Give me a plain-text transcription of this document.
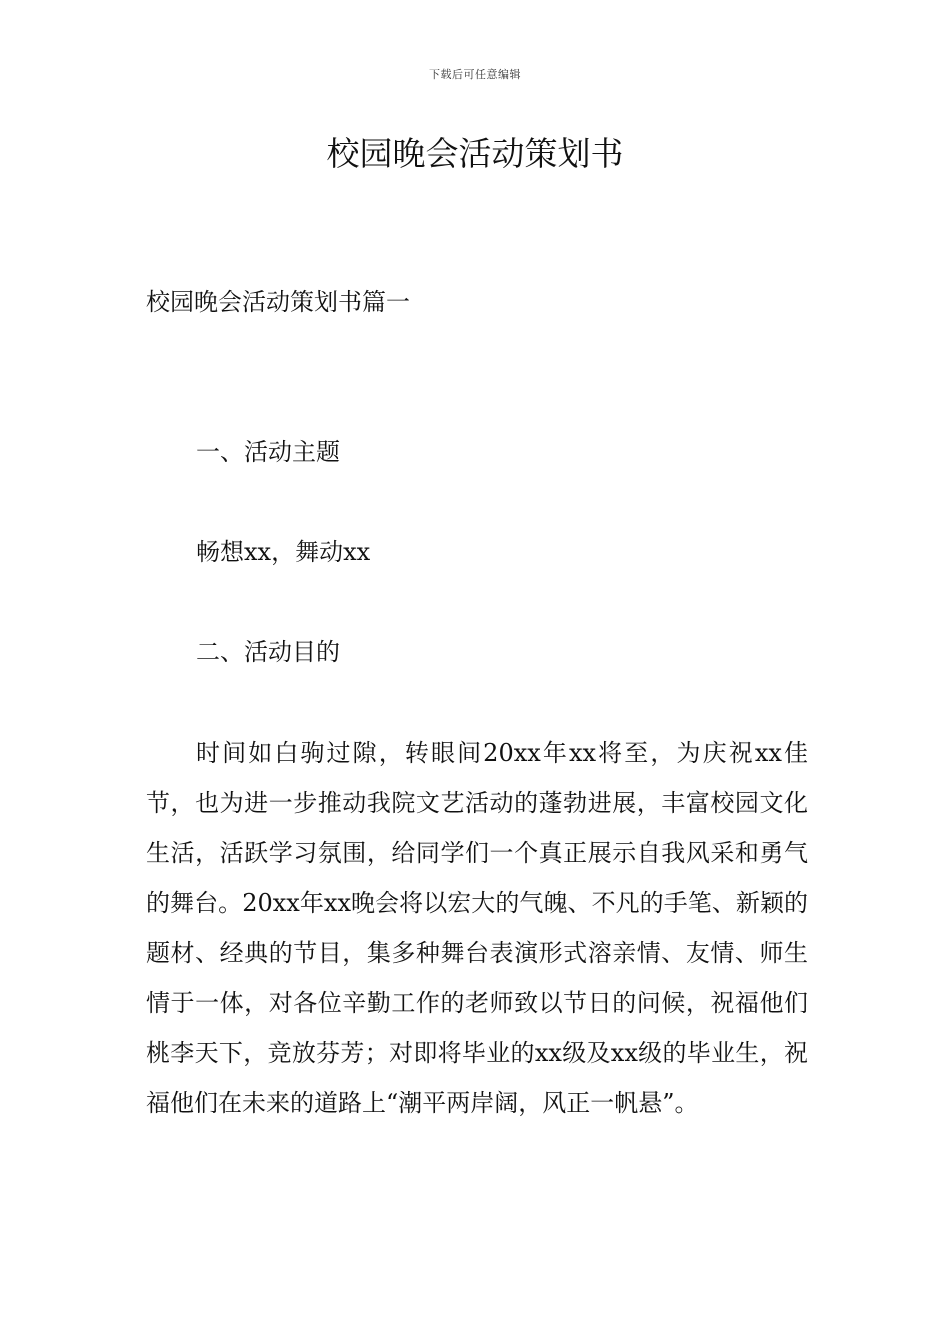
下载后可任意编辑
校园晚会活动策划书
校园晚会活动策划书篇一
一、活动主题
畅想xx，舞动xx
二、活动目的

时间如白驹过隙，转眼间20xx年xx将至，为庆祝xx佳节，也为进一步推动我院文艺活动的蓬勃进展，丰富校园文化生活，活跃学习氛围，给同学们一个真正展示自我风采和勇气的舞台。20xx年xx晚会将以宏大的气魄、不凡的手笔、新颖的题材、经典的节目，集多种舞台表演形式溶亲情、友情、师生情于一体，对各位辛勤工作的老师致以节日的问候，祝福他们桃李天下，竞放芬芳；对即将毕业的xx级及xx级的毕业生，祝福他们在未来的道路上“潮平两岸阔，风正一帆悬”。
